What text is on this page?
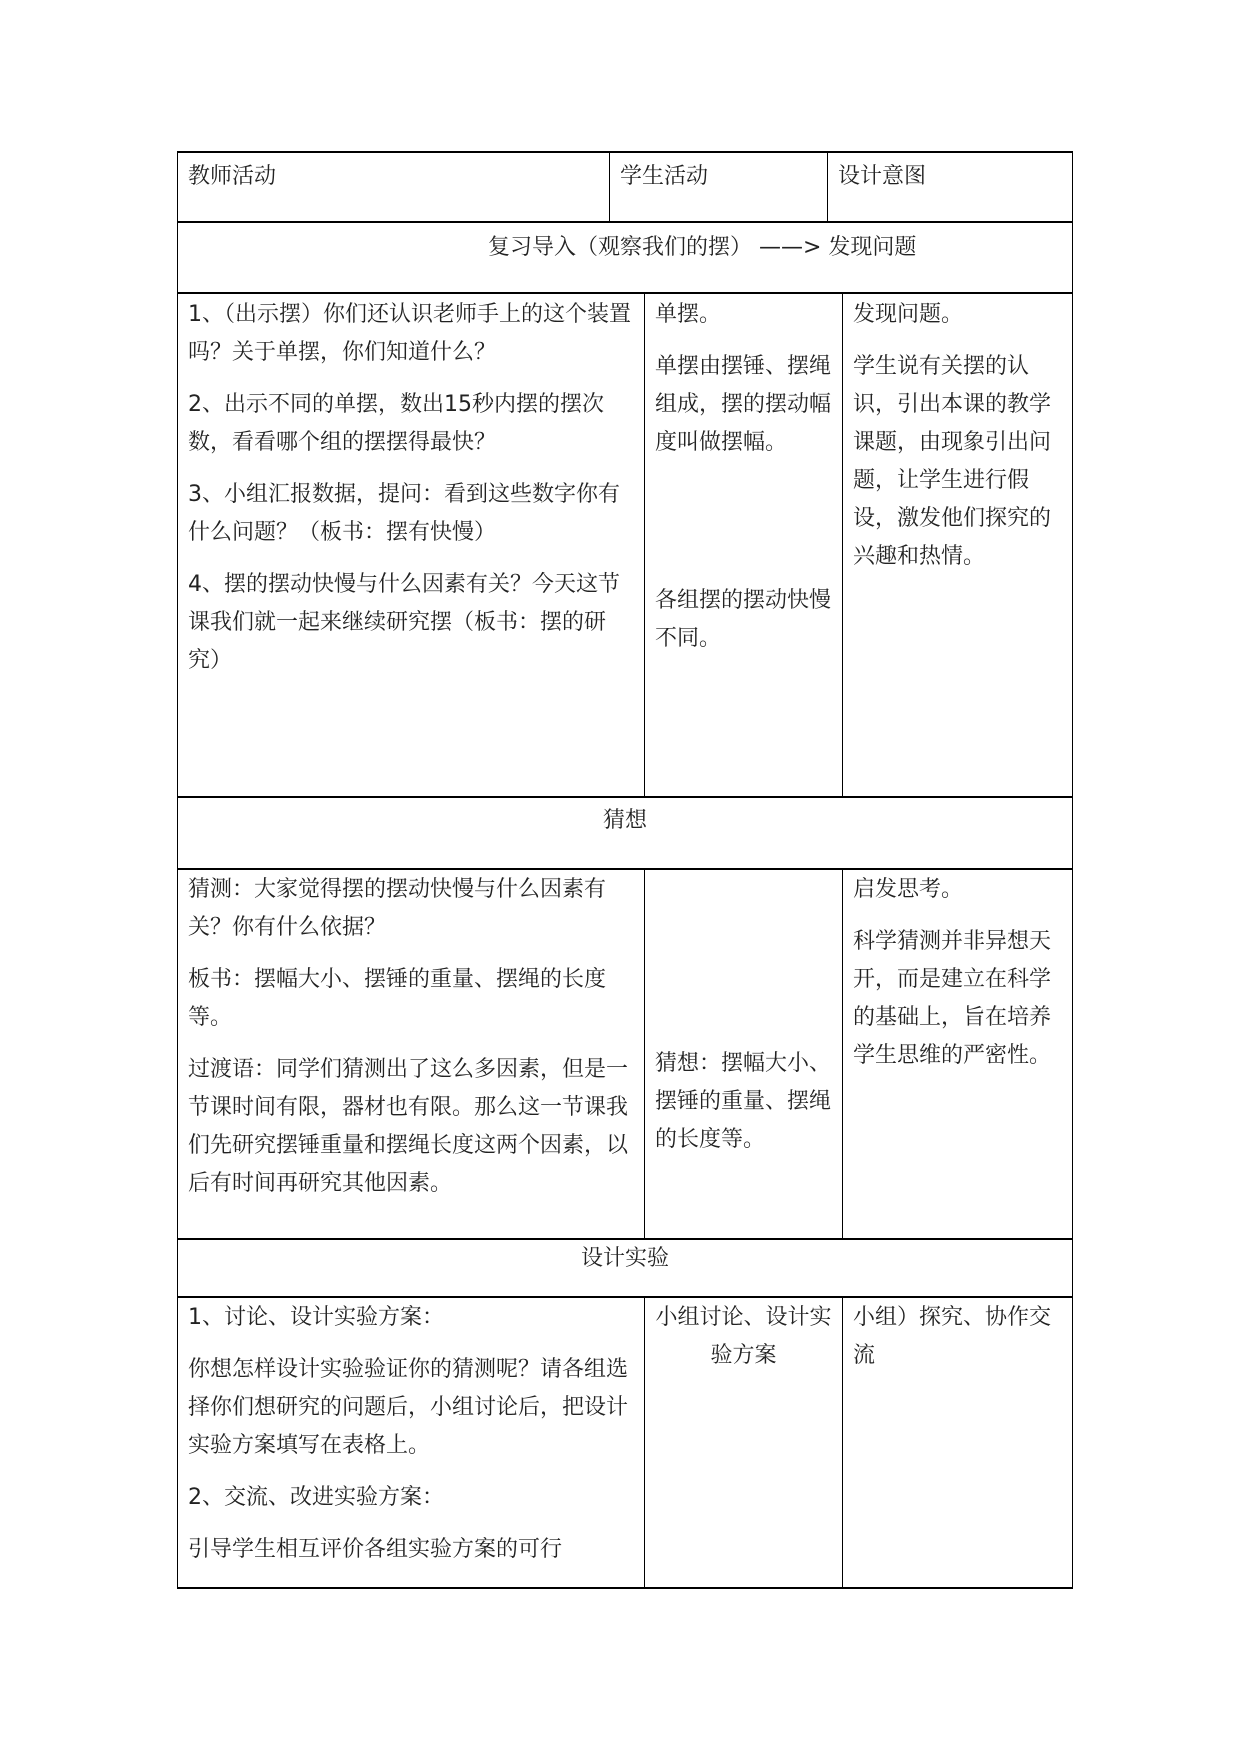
教师活动	学生活动	设计意图
复习导入（观察我们的摆） ——> 发现问题

1、（出示摆）你们还认识老师手上的这个装置吗？关于单摆，你们知道什么？

2、出示不同的单摆，数出15秒内摆的摆次数，看看哪个组的摆摆得最快？

3、小组汇报数据，提问：看到这些数字你有什么问题？（板书：摆有快慢）

4、摆的摆动快慢与什么因素有关？今天这节课我们就一起来继续研究摆（板书：摆的研究）

单摆。

单摆由摆锤、摆绳组成，摆的摆动幅度叫做摆幅。

各组摆的摆动快慢不同。

发现问题。

学生说有关摆的认识，引出本课的教学课题，由现象引出问题，让学生进行假设，激发他们探究的兴趣和热情。

猜想

猜测：大家觉得摆的摆动快慢与什么因素有关？你有什么依据？

板书：摆幅大小、摆锤的重量、摆绳的长度等。

过渡语：同学们猜测出了这么多因素，但是一节课时间有限，器材也有限。那么这一节课我们先研究摆锤重量和摆绳长度这两个因素，以后有时间再研究其他因素。

猜想：摆幅大小、摆锤的重量、摆绳的长度等。

启发思考。

科学猜测并非异想天开，而是建立在科学的基础上，旨在培养学生思维的严密性。

设计实验

1、讨论、设计实验方案：

你想怎样设计实验验证你的猜测呢？请各组选择你们想研究的问题后，小组讨论后，把设计实验方案填写在表格上。

2、交流、改进实验方案：

引导学生相互评价各组实验方案的可行

小组讨论、设计实验方案

小组）探究、协作交流
